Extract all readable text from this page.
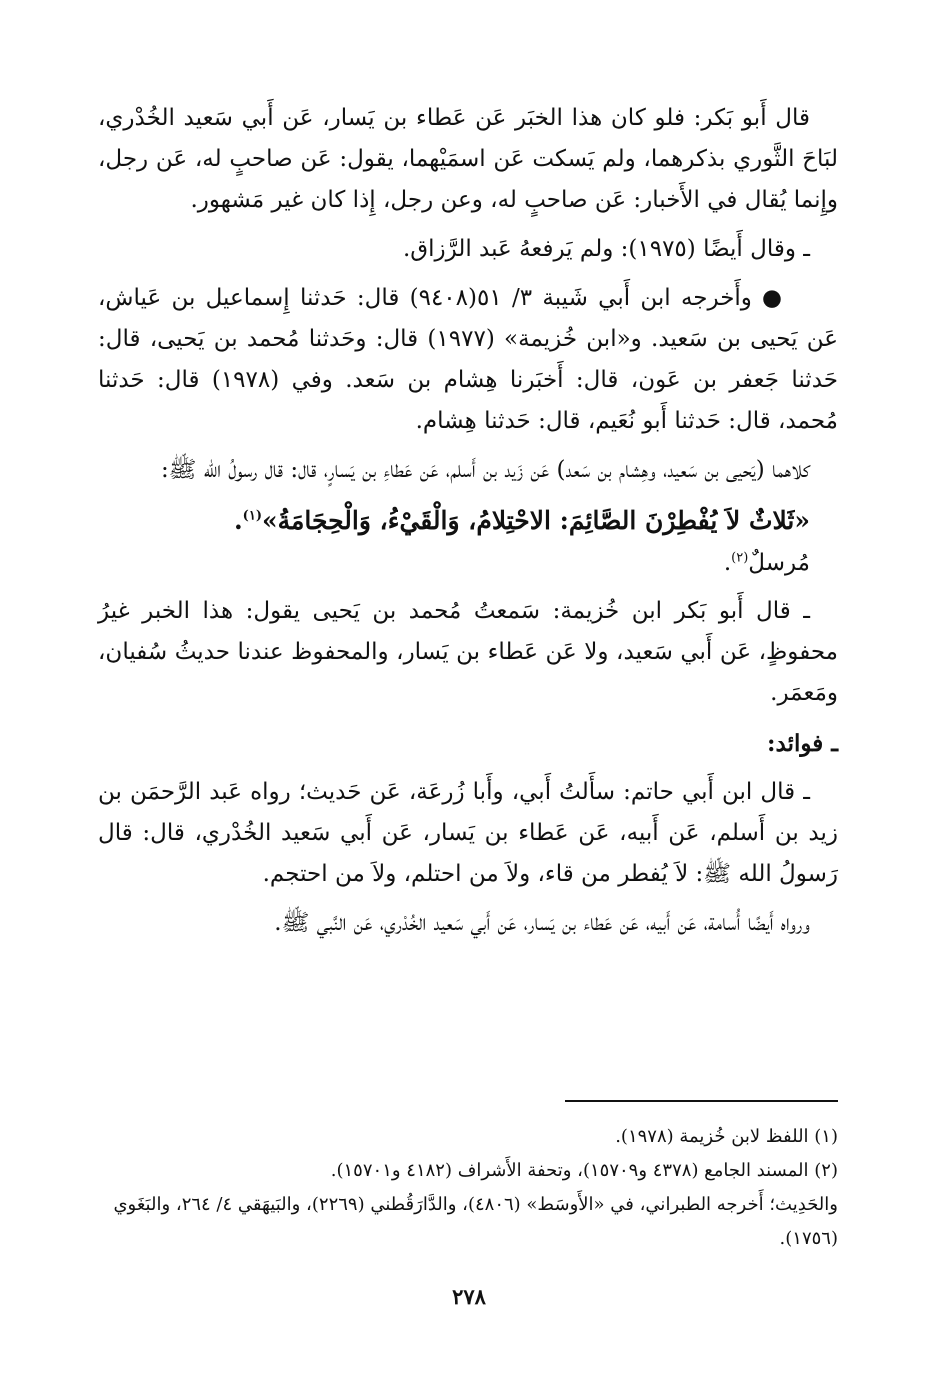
قال أَبو بَكر: فلو كان هذا الخبَر عَن عَطاء بن يَسار، عَن أَبي سَعيد الخُدْري، لبَاحَ الثَّوري بذكرهما، ولم يَسكت عَن اسمَيْهما، يقول: عَن صاحبٍ له، عَن رجل، وإِنما يُقال في الأَخبار: عَن صاحبٍ له، وعن رجل، إِذا كان غير مَشهور.

ـ وقال أَيضًا (١٩٧٥): ولم يَرفعهُ عَبد الرَّزاق.

●وأَخرجه ابن أَبي شَيبة ٣/ ٥١(٩٤٠٨) قال: حَدثنا إِسماعيل بن عَياش، عَن يَحيى بن سَعيد. و«ابن خُزيمة» (١٩٧٧) قال: وحَدثنا مُحمد بن يَحيى، قال: حَدثنا جَعفر بن عَون، قال: أَخبَرنا هِشام بن سَعد. وفي (١٩٧٨) قال: حَدثنا مُحمد، قال: حَدثنا أَبو نُعَيم، قال: حَدثنا هِشام.

كلاهما (يَحيى بن سَعيد، وهِشام بن سَعد) عَن زَيد بن أَسلم، عَن عَطاءِ بن يَسارٍ، قال: قال رسولُ الله ﷺ:

«ثَلاثٌ لاَ يُفْطِرْنَ الصَّائِمَ: الاحْتِلامُ، وَالْقَيْءُ، وَالْحِجَامَةُ»$^{(١)}$.

مُرسلٌ$^{(٢)}$.

ـ قال أَبو بَكر ابن خُزيمة: سَمعتُ مُحمد بن يَحيى يقول: هذا الخبر غيرُ محفوظٍ، عَن أَبي سَعيد، ولا عَن عَطاء بن يَسار، والمحفوظ عندنا حديثُ سُفيان، ومَعمَر.

ـ فوائد:

ـ قال ابن أَبي حاتم: سأَلتُ أَبي، وأَبا زُرعَة، عَن حَديث؛ رواه عَبد الرَّحمَن بن زيد بن أَسلم، عَن أَبيه، عَن عَطاء بن يَسار، عَن أَبي سَعيد الخُدْري، قال: قال رَسولُ الله ﷺ: لاَ يُفطر من قاء، ولاَ من احتلم، ولاَ من احتجم.

ورواه أَيضًا أُسامة، عَن أَبيه، عَن عَطاء بن يَسار، عَن أَبي سَعيد الخُدْري، عَن النَّبي ﷺ.

(١) اللفظ لابن خُزيمة (١٩٧٨).

(٢) المسند الجامع (٤٣٧٨ و١٥٧٠٩)، وتحفة الأَشراف (٤١٨٢ و١٥٧٠١).

والحَدِيث؛ أَخرجه الطبراني، في «الأَوسَط» (٤٨٠٦)، والدَّارَقُطني (٢٢٦٩)، والبَيهَقي ٤/ ٢٦٤، والبَغَوي (١٧٥٦).

٢٧٨
